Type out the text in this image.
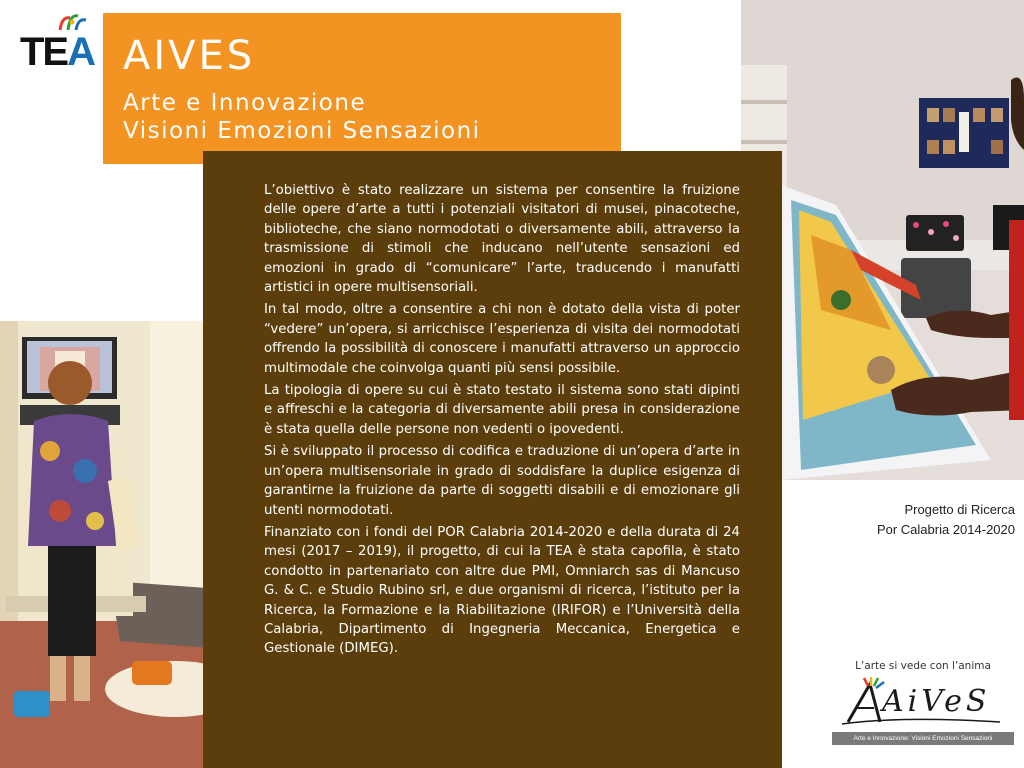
TEA AIVES
Arte e Innovazione
Visioni Emozioni Sensazioni
Progetto di Ricerca
Por Calabria 2014-2020

L’obiettivo è stato realizzare un sistema per consentire la fruizione delle opere d’arte a tutti i potenziali visitatori di musei, pinacoteche, biblioteche, che siano normodotati o diversamente abili, attraverso la trasmissione di stimoli che inducano nell’utente sensazioni ed emozioni in grado di “comunicare” l’arte, traducendo i manufatti artistici in opere multisensoriali.

In tal modo, oltre a consentire a chi non è dotato della vista di poter “vedere” un’opera, si arricchisce l’esperienza di visita dei normodotati offrendo la possibilità di conoscere i manufatti attraverso un approccio multimodale che coinvolga quanti più sensi possibile.

La tipologia di opere su cui è stato testato il sistema sono stati dipinti e affreschi e la categoria di diversamente abili presa in considerazione è stata quella delle persone non vedenti o ipovedenti.

Si è sviluppato il processo di codifica e traduzione di un’opera d’arte in un’opera multisensoriale in grado di soddisfare la duplice esigenza di garantirne la fruizione da parte di soggetti disabili e di emozionare gli utenti normodotati.

Finanziato con i fondi del POR Calabria 2014-2020 e della durata di 24 mesi (2017 – 2019), il progetto, di cui la TEA è stata capofila, è stato condotto in partenariato con altre due PMI, Omniarch sas di Mancuso G. & C. e Studio Rubino srl, e due organismi di ricerca, l’istituto per la Ricerca, la Formazione e la Riabilitazione (IRIFOR) e l’Università della Calabria, Dipartimento di Ingegneria Meccanica, Energetica e Gestionale (DIMEG).

L’arte si vede con l’anima
AiVeS
Arte e Innovazione: Visioni Emozioni Sensazioni
